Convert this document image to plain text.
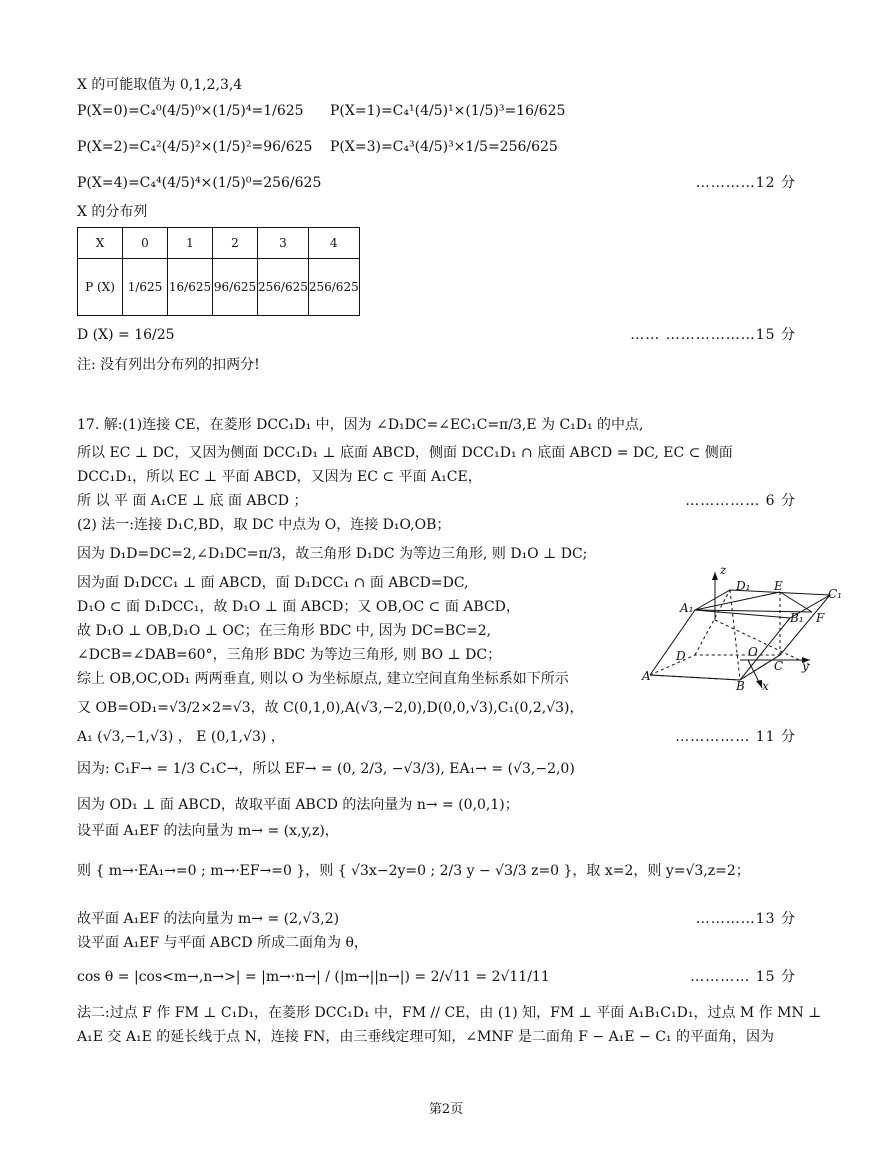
X 的可能取值为 0,1,2,3,4
P(X=0)=C₄⁰(4/5)⁰×(1/5)⁴=1/625 P(X=1)=C₄¹(4/5)¹×(1/5)³=16/625
P(X=2)=C₄²(4/5)²×(1/5)²=96/625 P(X=3)=C₄³(4/5)³×1/5=256/625
P(X=4)=C₄⁴(4/5)⁴×(1/5)⁰=256/625	…………12 分
X 的分布列
X	0	1	2	3	4
P (X)	1/625	16/625	96/625	256/625	256/625
D (X) = 16/25	…… ………………15 分
注: 没有列出分布列的扣两分!
17. 解:(1)连接 CE，在菱形 DCC₁D₁ 中，因为 ∠D₁DC=∠EC₁C=π/3,E 为 C₁D₁ 的中点,
所以 EC ⊥ DC，又因为侧面 DCC₁D₁ ⊥ 底面 ABCD，侧面 DCC₁D₁ ∩ 底面 ABCD = DC, EC ⊂ 侧面
DCC₁D₁，所以 EC ⊥ 平面 ABCD，又因为 EC ⊂ 平面 A₁CE，
所 以 平 面 A₁CE ⊥ 底 面 ABCD ；	…………… 6 分
(2) 法一:连接 D₁C,BD，取 DC 中点为 O，连接 D₁O,OB；
因为 D₁D=DC=2,∠D₁DC=π/3，故三角形 D₁DC 为等边三角形, 则 D₁O ⊥ DC;
因为面 D₁DCC₁ ⊥ 面 ABCD，面 D₁DCC₁ ∩ 面 ABCD=DC,
D₁O ⊂ 面 D₁DCC₁，故 D₁O ⊥ 面 ABCD；又 OB,OC ⊂ 面 ABCD，
故 D₁O ⊥ OB,D₁O ⊥ OC；在三角形 BDC 中, 因为 DC=BC=2,
∠DCB=∠DAB=60°，三角形 BDC 为等边三角形, 则 BO ⊥ DC；
综上 OB,OC,OD₁ 两两垂直, 则以 O 为坐标原点, 建立空间直角坐标系如下所示
又 OB=OD₁=√3/2×2=√3，故 C(0,1,0),A(√3,−2,0),D(0,0,√3),C₁(0,2,√3)，
A₁ (√3,−1,√3) ， E (0,1,√3) ，	…………… 11 分
因为: C₁F→ = 1/3 C₁C→，所以 EF→ = (0, 2/3, −√3/3), EA₁→ = (√3,−2,0)
因为 OD₁ ⊥ 面 ABCD，故取平面 ABCD 的法向量为 n→ = (0,0,1)；
设平面 A₁EF 的法向量为 m→ = (x,y,z)，
则 { m→·EA₁→=0 ; m→·EF→=0 }，则 { √3x−2y=0 ; 2/3 y − √3/3 z=0 }，取 x=2，则 y=√3,z=2；
故平面 A₁EF 的法向量为 m→ = (2,√3,2)	…………13 分
设平面 A₁EF 与平面 ABCD 所成二面角为 θ，
cos θ = |cos<m→,n→>| = |m→·n→| / (|m→||n→|) = 2/√11 = 2√11/11	………… 15 分
法二:过点 F 作 FM ⊥ C₁D₁，在菱形 DCC₁D₁ 中，FM // CE，由 (1) 知，FM ⊥ 平面 A₁B₁C₁D₁，过点 M 作 MN ⊥
A₁E 交 A₁E 的延长线于点 N，连接 FN，由三垂线定理可知，∠MNF 是二面角 F − A₁E − C₁ 的平面角，因为
z
D₁ E
C₁
A₁
B₁ F
D	O
C y
A
B x
第2页
